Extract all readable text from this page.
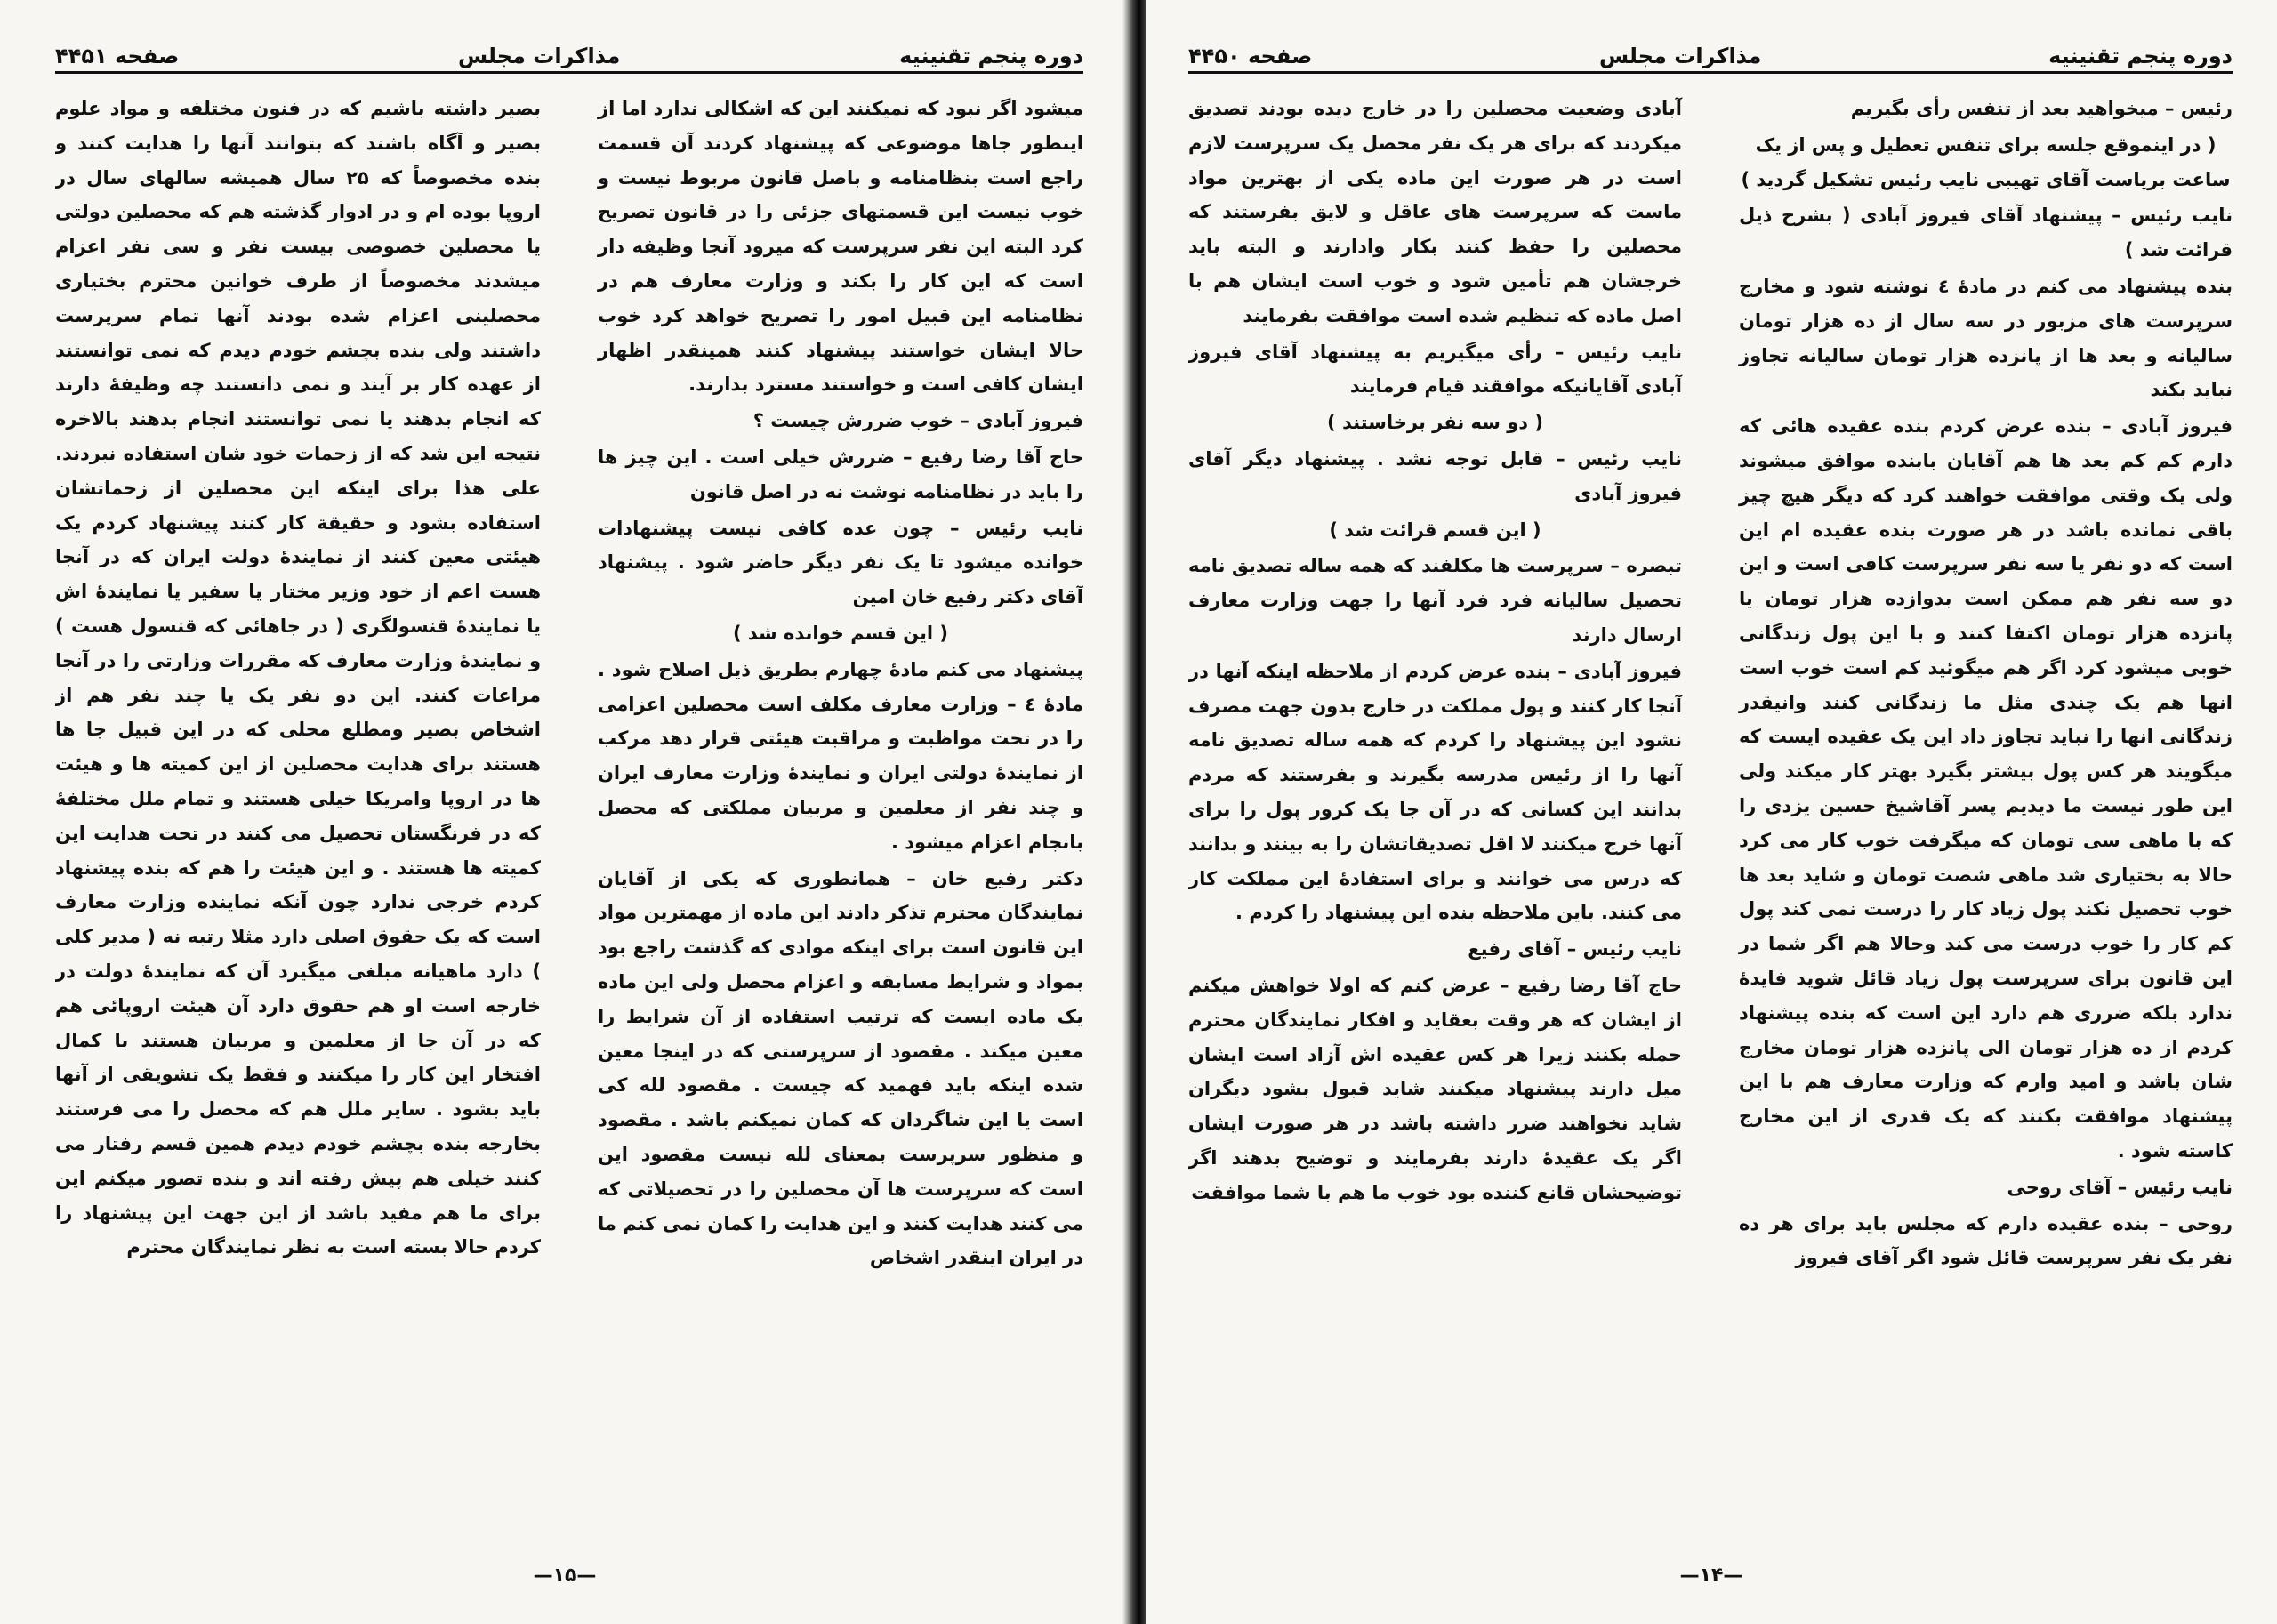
دوره پنجم تقنینیه
مذاکرات مجلس
صفحه ۴۴۵۱

میشود اگر نبود که نمیکنند این که اشکالی ندارد اما از اینطور جاها موضوعی که پیشنهاد کردند آن قسمت راجع است بنظامنامه و باصل قانون مربوط نیست و خوب نیست این قسمتهای جزئی را در قانون تصریح کرد البته این نفر سرپرست که میرود آنجا وظیفه دار است که این کار را بکند و وزارت معارف هم در نظامنامه این قبیل امور را تصریح خواهد کرد خوب حالا ایشان خواستند پیشنهاد کنند همینقدر اظهار ایشان کافی است و خواستند مسترد بدارند.

فیروز آبادی – خوب ضررش چیست ؟

حاج آقا رضا رفیع – ضررش خیلی است . این چیز ها را باید در نظامنامه نوشت نه در اصل قانون

نایب رئیس – چون عده کافی نیست پیشنهادات خوانده میشود تا یک نفر دیگر حاضر شود . پیشنهاد آقای دکتر رفیع خان امین

( این قسم خوانده شد )

پیشنهاد می کنم مادهٔ چهارم بطریق ذیل اصلاح شود . مادهٔ ٤ – وزارت معارف مکلف است محصلین اعزامی را در تحت مواظبت و مراقبت هیئتی قرار دهد مرکب از نمایندهٔ دولتی ایران و نمایندهٔ وزارت معارف ایران و چند نفر از معلمین و مربیان مملکتی که محصل بانجام اعزام میشود .

دکتر رفیع خان – همانطوری که یکی از آقایان نمایندگان محترم تذکر دادند این ماده از مهمترین مواد این قانون است برای اینکه موادی که گذشت راجع بود بمواد و شرایط مسابقه و اعزام محصل ولی این ماده یک ماده ایست که ترتیب استفاده از آن شرایط را معین میکند . مقصود از سرپرستی که در اینجا معین شده اینکه باید فهمید که چیست . مقصود لله کی است یا این شاگردان که کمان نمیکنم باشد . مقصود و منظور سرپرست بمعنای لله نیست مقصود این است که سرپرست ها آن محصلین را در تحصیلاتی که می کنند هدایت کنند و این هدایت را کمان نمی کنم ما در ایران اینقدر اشخاص

بصیر داشته باشیم که در فنون مختلفه و مواد علوم بصیر و آگاه باشند که بتوانند آنها را هدایت کنند و بنده مخصوصاً که ۲۵ سال همیشه سالهای سال در اروپا بوده ام و در ادوار گذشته هم که محصلین دولتی یا محصلین خصوصی بیست نفر و سی نفر اعزام میشدند مخصوصاً از طرف خوانین محترم بختیاری محصلینی اعزام شده بودند آنها تمام سرپرست داشتند ولی بنده بچشم خودم دیدم که نمی توانستند از عهده کار بر آیند و نمی دانستند چه وظیفهٔ دارند که انجام بدهند یا نمی توانستند انجام بدهند بالاخره نتیجه این شد که از زحمات خود شان استفاده نبردند. علی هذا برای اینکه این محصلین از زحماتشان استفاده بشود و حقیقة کار کنند پیشنهاد کردم یک هیئتی معین کنند از نمایندهٔ دولت ایران که در آنجا هست اعم از خود وزیر مختار یا سفیر یا نمایندهٔ اش یا نمایندهٔ قنسولگری ( در جاهائی که قنسول هست ) و نمایندهٔ وزارت معارف که مقررات وزارتی را در آنجا مراعات کنند. این دو نفر یک یا چند نفر هم از اشخاص بصیر ومطلع محلی که در این قبیل جا ها هستند برای هدایت محصلین از این کمیته ها و هیئت ها در اروپا وامریکا خیلی هستند و تمام ملل مختلفهٔ که در فرنگستان تحصیل می کنند در تحت هدایت این کمیته ها هستند . و این هیئت را هم که بنده پیشنهاد کردم خرجی ندارد چون آنکه نماینده وزارت معارف است که یک حقوق اصلی دارد مثلا رتبه نه ( مدیر کلی ) دارد ماهیانه مبلغی میگیرد آن که نمایندهٔ دولت در خارجه است او هم حقوق دارد آن هیئت اروپائی هم که در آن جا از معلمین و مربیان هستند با کمال افتخار این کار را میکنند و فقط یک تشویقی از آنها باید بشود . سایر ملل هم که محصل را می فرستند بخارجه بنده بچشم خودم دیدم همین قسم رفتار می کنند خیلی هم پیش رفته اند و بنده تصور میکنم این برای ما هم مفید باشد از این جهت این پیشنهاد را کردم حالا بسته است به نظر نمایندگان محترم

—۱۵—
دوره پنجم تقنینیه
مذاکرات مجلس
صفحه ۴۴۵۰

رئیس – میخواهید بعد از تنفس رأی بگیریم

( در اینموقع جلسه برای تنفس تعطیل و پس از یک ساعت بریاست آقای تهیبی نایب رئیس تشکیل گردید )

نایب رئیس – پیشنهاد آقای فیروز آبادی ( بشرح ذیل قرائت شد )

بنده پیشنهاد می کنم در مادهٔ ٤ نوشته شود و مخارج سرپرست های مزبور در سه سال از ده هزار تومان سالیانه و بعد ها از پانزده هزار تومان سالیانه تجاوز نباید بکند

فیروز آبادی – بنده عرض کردم بنده عقیده هائی که دارم کم کم بعد ها هم آقایان بابنده موافق میشوند ولی یک وقتی موافقت خواهند کرد که دیگر هیچ چیز باقی نمانده باشد در هر صورت بنده عقیده ام این است که دو نفر یا سه نفر سرپرست کافی است و این دو سه نفر هم ممکن است بدوازده هزار تومان یا پانزده هزار تومان اکتفا کنند و با این پول زندگانی خوبی میشود کرد اگر هم میگوئید کم است خوب است انها هم یک چندی مثل ما زندگانی کنند وانیقدر زندگانی انها را نباید تجاوز داد این یک عقیده ایست که میگویند هر کس پول بیشتر بگیرد بهتر کار میکند ولی این طور نیست ما دیدیم پسر آقاشیخ حسین یزدی را که با ماهی سی تومان که میگرفت خوب کار می کرد حالا به بختیاری شد ماهی شصت تومان و شاید بعد ها خوب تحصیل نکند پول زیاد کار را درست نمی کند پول کم کار را خوب درست می کند وحالا هم اگر شما در این قانون برای سرپرست پول زیاد قائل شوید فایدهٔ ندارد بلکه ضرری هم دارد این است که بنده پیشنهاد کردم از ده هزار تومان الی پانزده هزار تومان مخارج شان باشد و امید وارم که وزارت معارف هم با این پیشنهاد موافقت بکنند که یک قدری از این مخارج کاسته شود .

نایب رئیس – آقای روحی

روحی – بنده عقیده دارم که مجلس باید برای هر ده نفر یک نفر سرپرست قائل شود اگر آقای فیروز

آبادی وضعیت محصلین را در خارج دیده بودند تصدیق میکردند که برای هر یک نفر محصل یک سرپرست لازم است در هر صورت این ماده یکی از بهترین مواد ماست که سرپرست های عاقل و لایق بفرستند که محصلین را حفظ کنند بکار وادارند و البته باید خرجشان هم تأمین شود و خوب است ایشان هم با اصل ماده که تنظیم شده است موافقت بفرمایند

نایب رئیس – رأی میگیریم به پیشنهاد آقای فیروز آبادی آقایانیکه موافقند قیام فرمایند

( دو سه نفر برخاستند )

نایب رئیس – قابل توجه نشد . پیشنهاد دیگر آقای فیروز آبادی

( این قسم قرائت شد )

تبصره – سرپرست ها مکلفند که همه ساله تصدیق نامه تحصیل سالیانه فرد فرد آنها را جهت وزارت معارف ارسال دارند

فیروز آبادی – بنده عرض کردم از ملاحظه اینکه آنها در آنجا کار کنند و پول مملکت در خارج بدون جهت مصرف نشود این پیشنهاد را کردم که همه ساله تصدیق نامه آنها را از رئیس مدرسه بگیرند و بفرستند که مردم بدانند این کسانی که در آن جا یک کرور پول را برای آنها خرج میکنند لا اقل تصدیقاتشان را به بینند و بدانند که درس می خوانند و برای استفادهٔ این مملکت کار می کنند. باین ملاحظه بنده این پیشنهاد را کردم .

نایب رئیس – آقای رفیع

حاج آقا رضا رفیع – عرض کنم که اولا خواهش میکنم از ایشان که هر وقت بعقاید و افکار نمایندگان محترم حمله بکنند زیرا هر کس عقیده اش آزاد است ایشان میل دارند پیشنهاد میکنند شاید قبول بشود دیگران شاید نخواهند ضرر داشته باشد در هر صورت ایشان اگر یک عقیدهٔ دارند بفرمایند و توضیح بدهند اگر توضیحشان قانع کننده بود خوب ما هم با شما موافقت

—۱۴—
